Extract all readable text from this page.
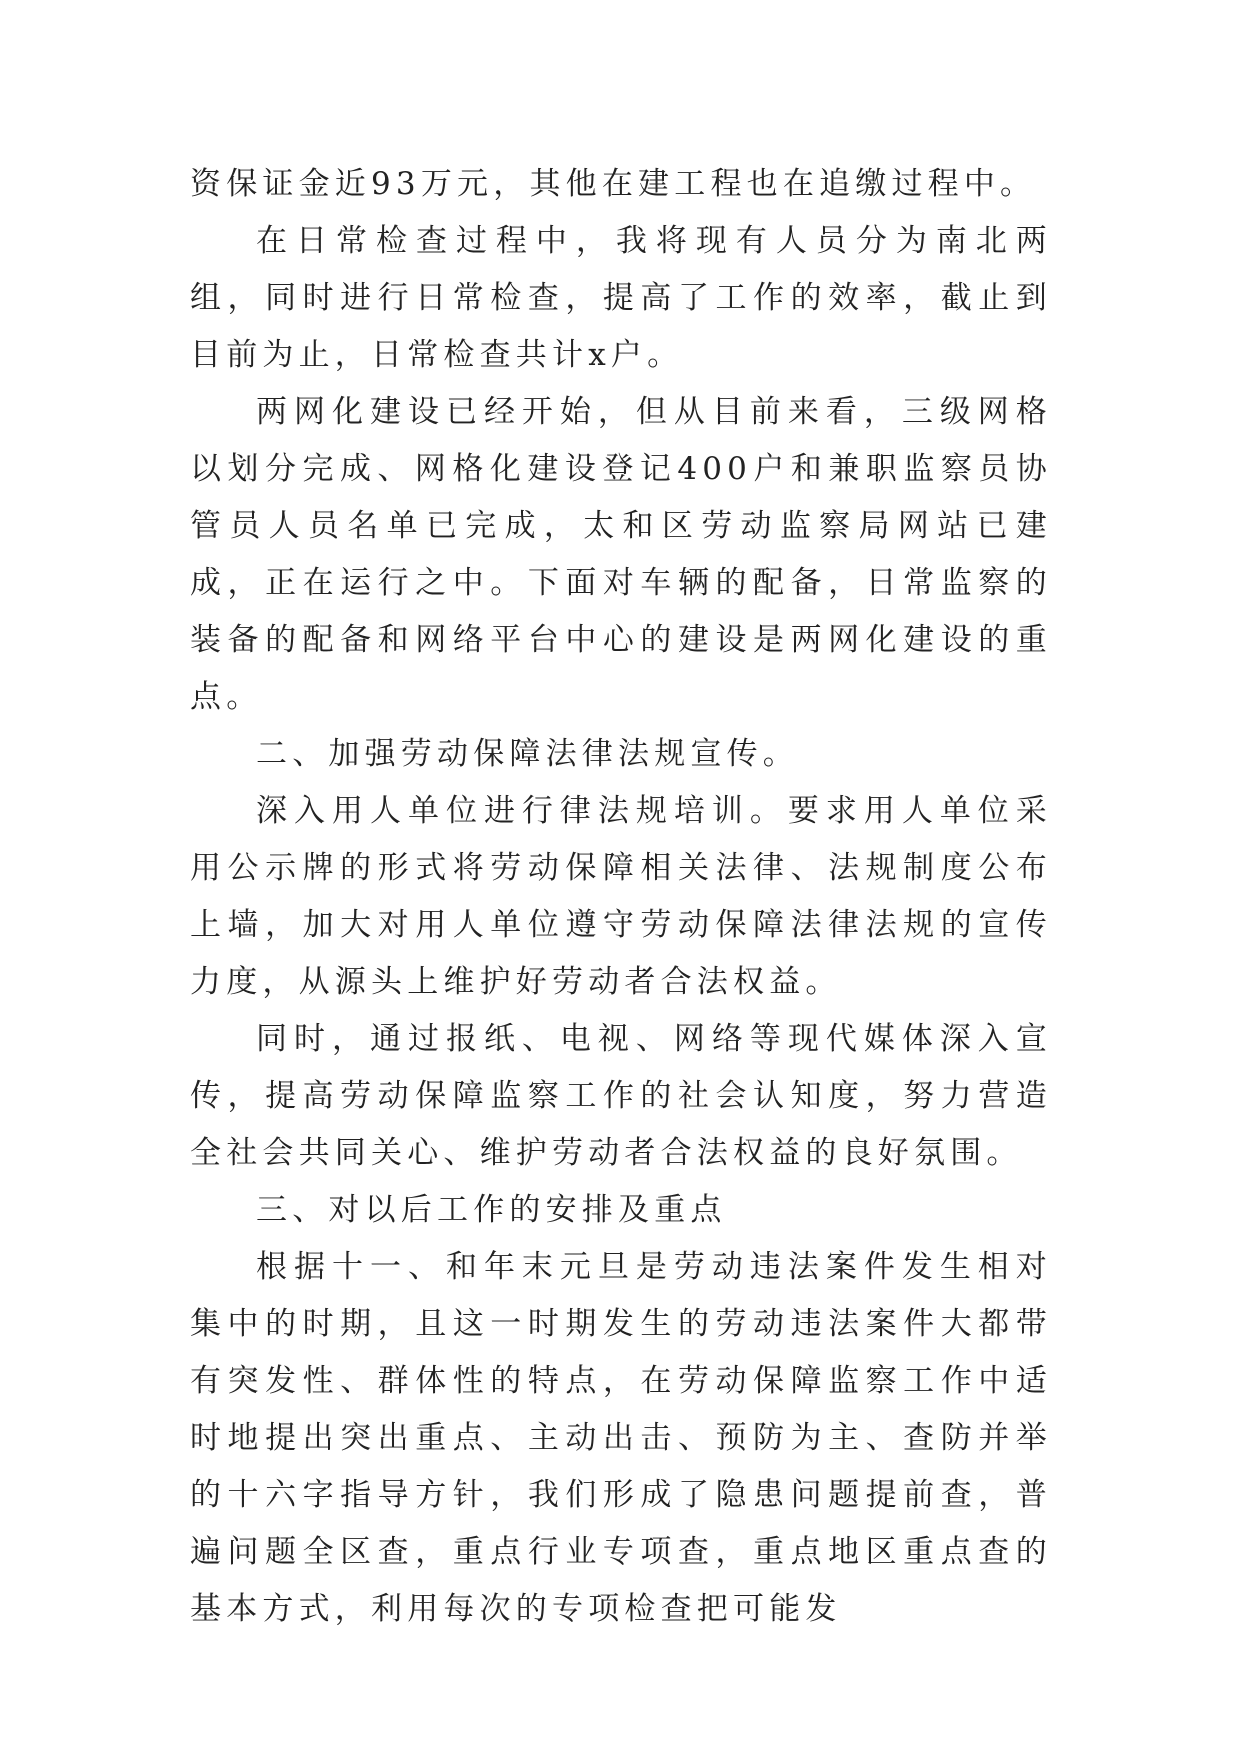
资保证金近93万元，其他在建工程也在追缴过程中。

在日常检查过程中，我将现有人员分为南北两组，同时进行日常检查，提高了工作的效率，截止到目前为止，日常检查共计x户。

两网化建设已经开始，但从目前来看，三级网格以划分完成、网格化建设登记400户和兼职监察员协管员人员名单已完成，太和区劳动监察局网站已建成，正在运行之中。下面对车辆的配备，日常监察的装备的配备和网络平台中心的建设是两网化建设的重点。

二、加强劳动保障法律法规宣传。

深入用人单位进行律法规培训。要求用人单位采用公示牌的形式将劳动保障相关法律、法规制度公布上墙，加大对用人单位遵守劳动保障法律法规的宣传力度，从源头上维护好劳动者合法权益。

同时，通过报纸、电视、网络等现代媒体深入宣传，提高劳动保障监察工作的社会认知度，努力营造全社会共同关心、维护劳动者合法权益的良好氛围。

三、对以后工作的安排及重点

根据十一、和年末元旦是劳动违法案件发生相对集中的时期，且这一时期发生的劳动违法案件大都带有突发性、群体性的特点，在劳动保障监察工作中适时地提出突出重点、主动出击、预防为主、查防并举的十六字指导方针，我们形成了隐患问题提前查，普遍问题全区查，重点行业专项查，重点地区重点查的基本方式，利用每次的专项检查把可能发
